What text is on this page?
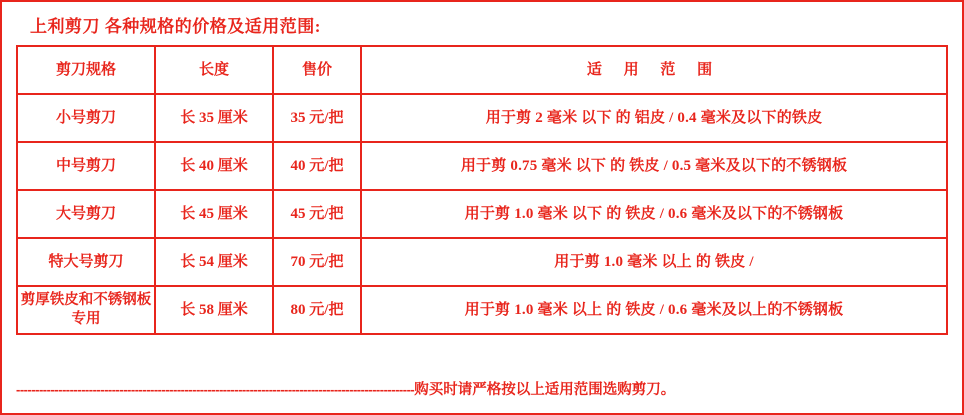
上利剪刀 各种规格的价格及适用范围:
剪刀规格	长度	售价	适 用 范 围
小号剪刀	长 35 厘米	35 元/把	用于剪 2 毫米 以下 的 铝皮 / 0.4 毫米及以下的铁皮
中号剪刀	长 40 厘米	40 元/把	用于剪 0.75 毫米 以下 的 铁皮 / 0.5 毫米及以下的不锈钢板
大号剪刀	长 45 厘米	45 元/把	用于剪 1.0 毫米 以下 的 铁皮 / 0.6 毫米及以下的不锈钢板
特大号剪刀	长 54 厘米	70 元/把	用于剪 1.0 毫米 以上 的 铁皮 /
剪厚铁皮和不锈钢板专用	长 58 厘米	80 元/把	用于剪 1.0 毫米 以上 的 铁皮 / 0.6 毫米及以上的不锈钢板
-------------------------------------------------------------------------------------------------------- 购买时请严格按以上适用范围选购剪刀。
